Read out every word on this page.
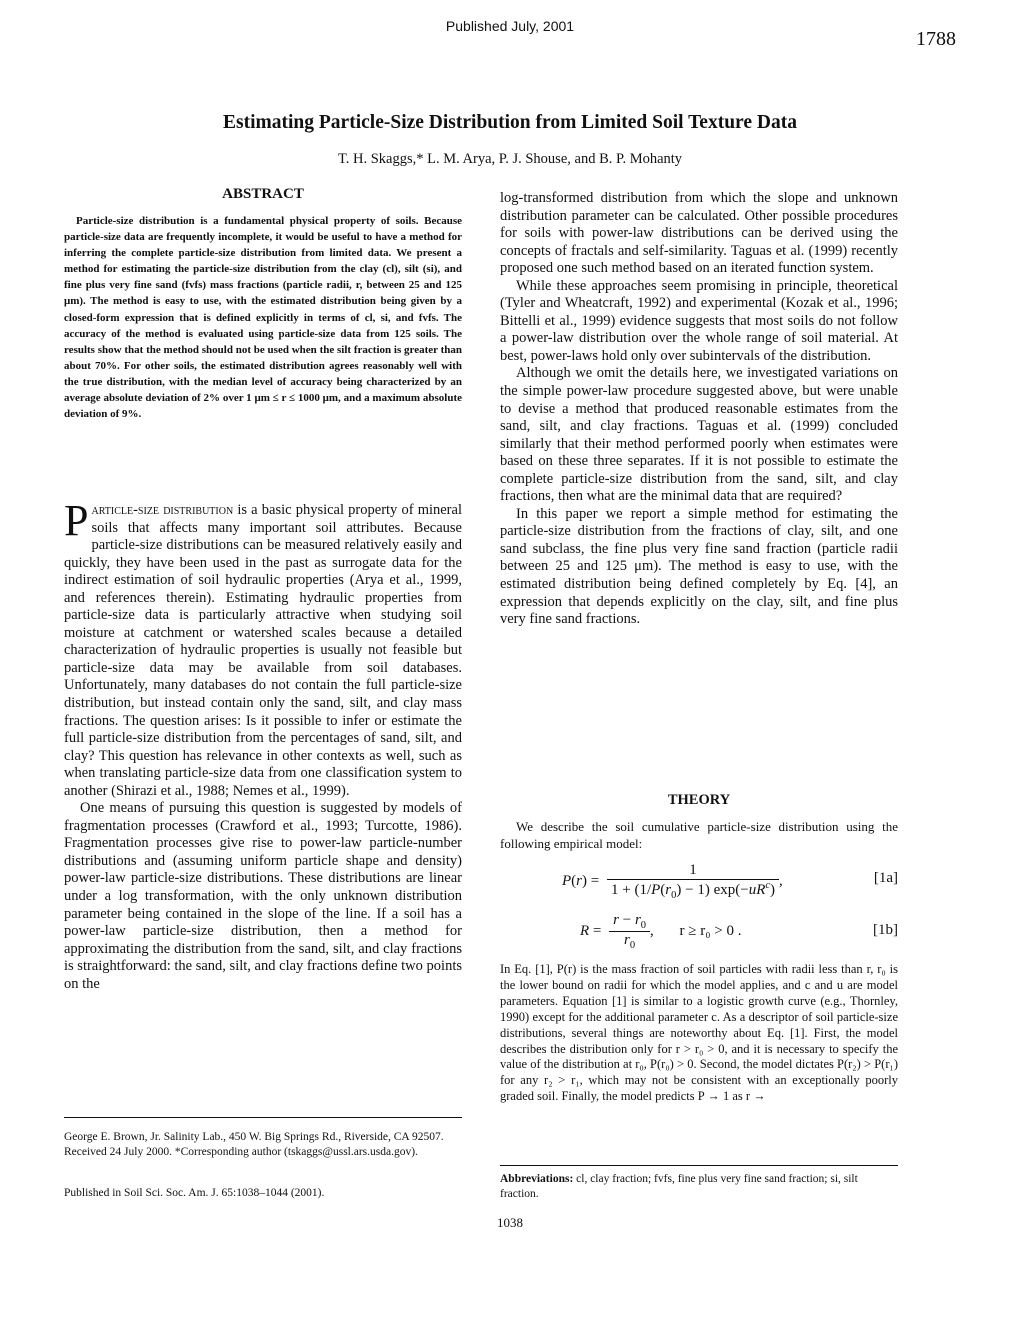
Published July, 2001
1788
Estimating Particle-Size Distribution from Limited Soil Texture Data
T. H. Skaggs,* L. M. Arya, P. J. Shouse, and B. P. Mohanty
ABSTRACT

Particle-size distribution is a fundamental physical property of soils. Because particle-size data are frequently incomplete, it would be useful to have a method for inferring the complete particle-size distribution from limited data. We present a method for estimating the particle-size distribution from the clay (cl), silt (si), and fine plus very fine sand (fvfs) mass fractions (particle radii, r, between 25 and 125 μm). The method is easy to use, with the estimated distribution being given by a closed-form expression that is defined explicitly in terms of cl, si, and fvfs. The accuracy of the method is evaluated using particle-size data from 125 soils. The results show that the method should not be used when the silt fraction is greater than about 70%. For other soils, the estimated distribution agrees reasonably well with the true distribution, with the median level of accuracy being characterized by an average absolute deviation of 2% over 1 μm ≤ r ≤ 1000 μm, and a maximum absolute deviation of 9%.

Particle-size distribution is a basic physical property of mineral soils that affects many important soil attributes. Because particle-size distributions can be measured relatively easily and quickly, they have been used in the past as surrogate data for the indirect estimation of soil hydraulic properties (Arya et al., 1999, and references therein). Estimating hydraulic properties from particle-size data is particularly attractive when studying soil moisture at catchment or watershed scales because a detailed characterization of hydraulic properties is usually not feasible but particle-size data may be available from soil databases. Unfortunately, many databases do not contain the full particle-size distribution, but instead contain only the sand, silt, and clay mass fractions. The question arises: Is it possible to infer or estimate the full particle-size distribution from the percentages of sand, silt, and clay? This question has relevance in other contexts as well, such as when translating particle-size data from one classification system to another (Shirazi et al., 1988; Nemes et al., 1999).

One means of pursuing this question is suggested by models of fragmentation processes (Crawford et al., 1993; Turcotte, 1986). Fragmentation processes give rise to power-law particle-number distributions and (assuming uniform particle shape and density) power-law particle-size distributions. These distributions are linear under a log transformation, with the only unknown distribution parameter being contained in the slope of the line. If a soil has a power-law particle-size distribution, then a method for approximating the distribution from the sand, silt, and clay fractions is straightforward: the sand, silt, and clay fractions define two points on the

log-transformed distribution from which the slope and unknown distribution parameter can be calculated. Other possible procedures for soils with power-law distributions can be derived using the concepts of fractals and self-similarity. Taguas et al. (1999) recently proposed one such method based on an iterated function system.

While these approaches seem promising in principle, theoretical (Tyler and Wheatcraft, 1992) and experimental (Kozak et al., 1996; Bittelli et al., 1999) evidence suggests that most soils do not follow a power-law distribution over the whole range of soil material. At best, power-laws hold only over subintervals of the distribution.

Although we omit the details here, we investigated variations on the simple power-law procedure suggested above, but were unable to devise a method that produced reasonable estimates from the sand, silt, and clay fractions. Taguas et al. (1999) concluded similarly that their method performed poorly when estimates were based on these three separates. If it is not possible to estimate the complete particle-size distribution from the sand, silt, and clay fractions, then what are the minimal data that are required?

In this paper we report a simple method for estimating the particle-size distribution from the fractions of clay, silt, and one sand subclass, the fine plus very fine sand fraction (particle radii between 25 and 125 μm). The method is easy to use, with the estimated distribution being defined completely by Eq. [4], an expression that depends explicitly on the clay, silt, and fine plus very fine sand fractions.

THEORY
We describe the soil cumulative particle-size distribution using the following empirical model:
$P(r) = \frac{1}{1 + (1/P(r_0) - 1) \exp(-uR^c)}$ ,	[1a]
$R = \frac{r - r_0}{r_0}$ , r ≥ r₀ > 0 .	[1b]
In Eq. [1], P(r) is the mass fraction of soil particles with radii less than r, r₀ is the lower bound on radii for which the model applies, and c and u are model parameters. Equation [1] is similar to a logistic growth curve (e.g., Thornley, 1990) except for the additional parameter c. As a descriptor of soil particle-size distributions, several things are noteworthy about Eq. [1]. First, the model describes the distribution only for r > r₀ > 0, and it is necessary to specify the value of the distribution at r₀, P(r₀) > 0. Second, the model dictates P(r₂) > P(r₁) for any r₂ > r₁, which may not be consistent with an exceptionally poorly graded soil. Finally, the model predicts P → 1 as r →
George E. Brown, Jr. Salinity Lab., 450 W. Big Springs Rd., Riverside, CA 92507. Received 24 July 2000. *Corresponding author (tskaggs@ussl.ars.usda.gov).
Published in Soil Sci. Soc. Am. J. 65:1038–1044 (2001).
Abbreviations: cl, clay fraction; fvfs, fine plus very fine sand fraction; si, silt fraction.
1038
